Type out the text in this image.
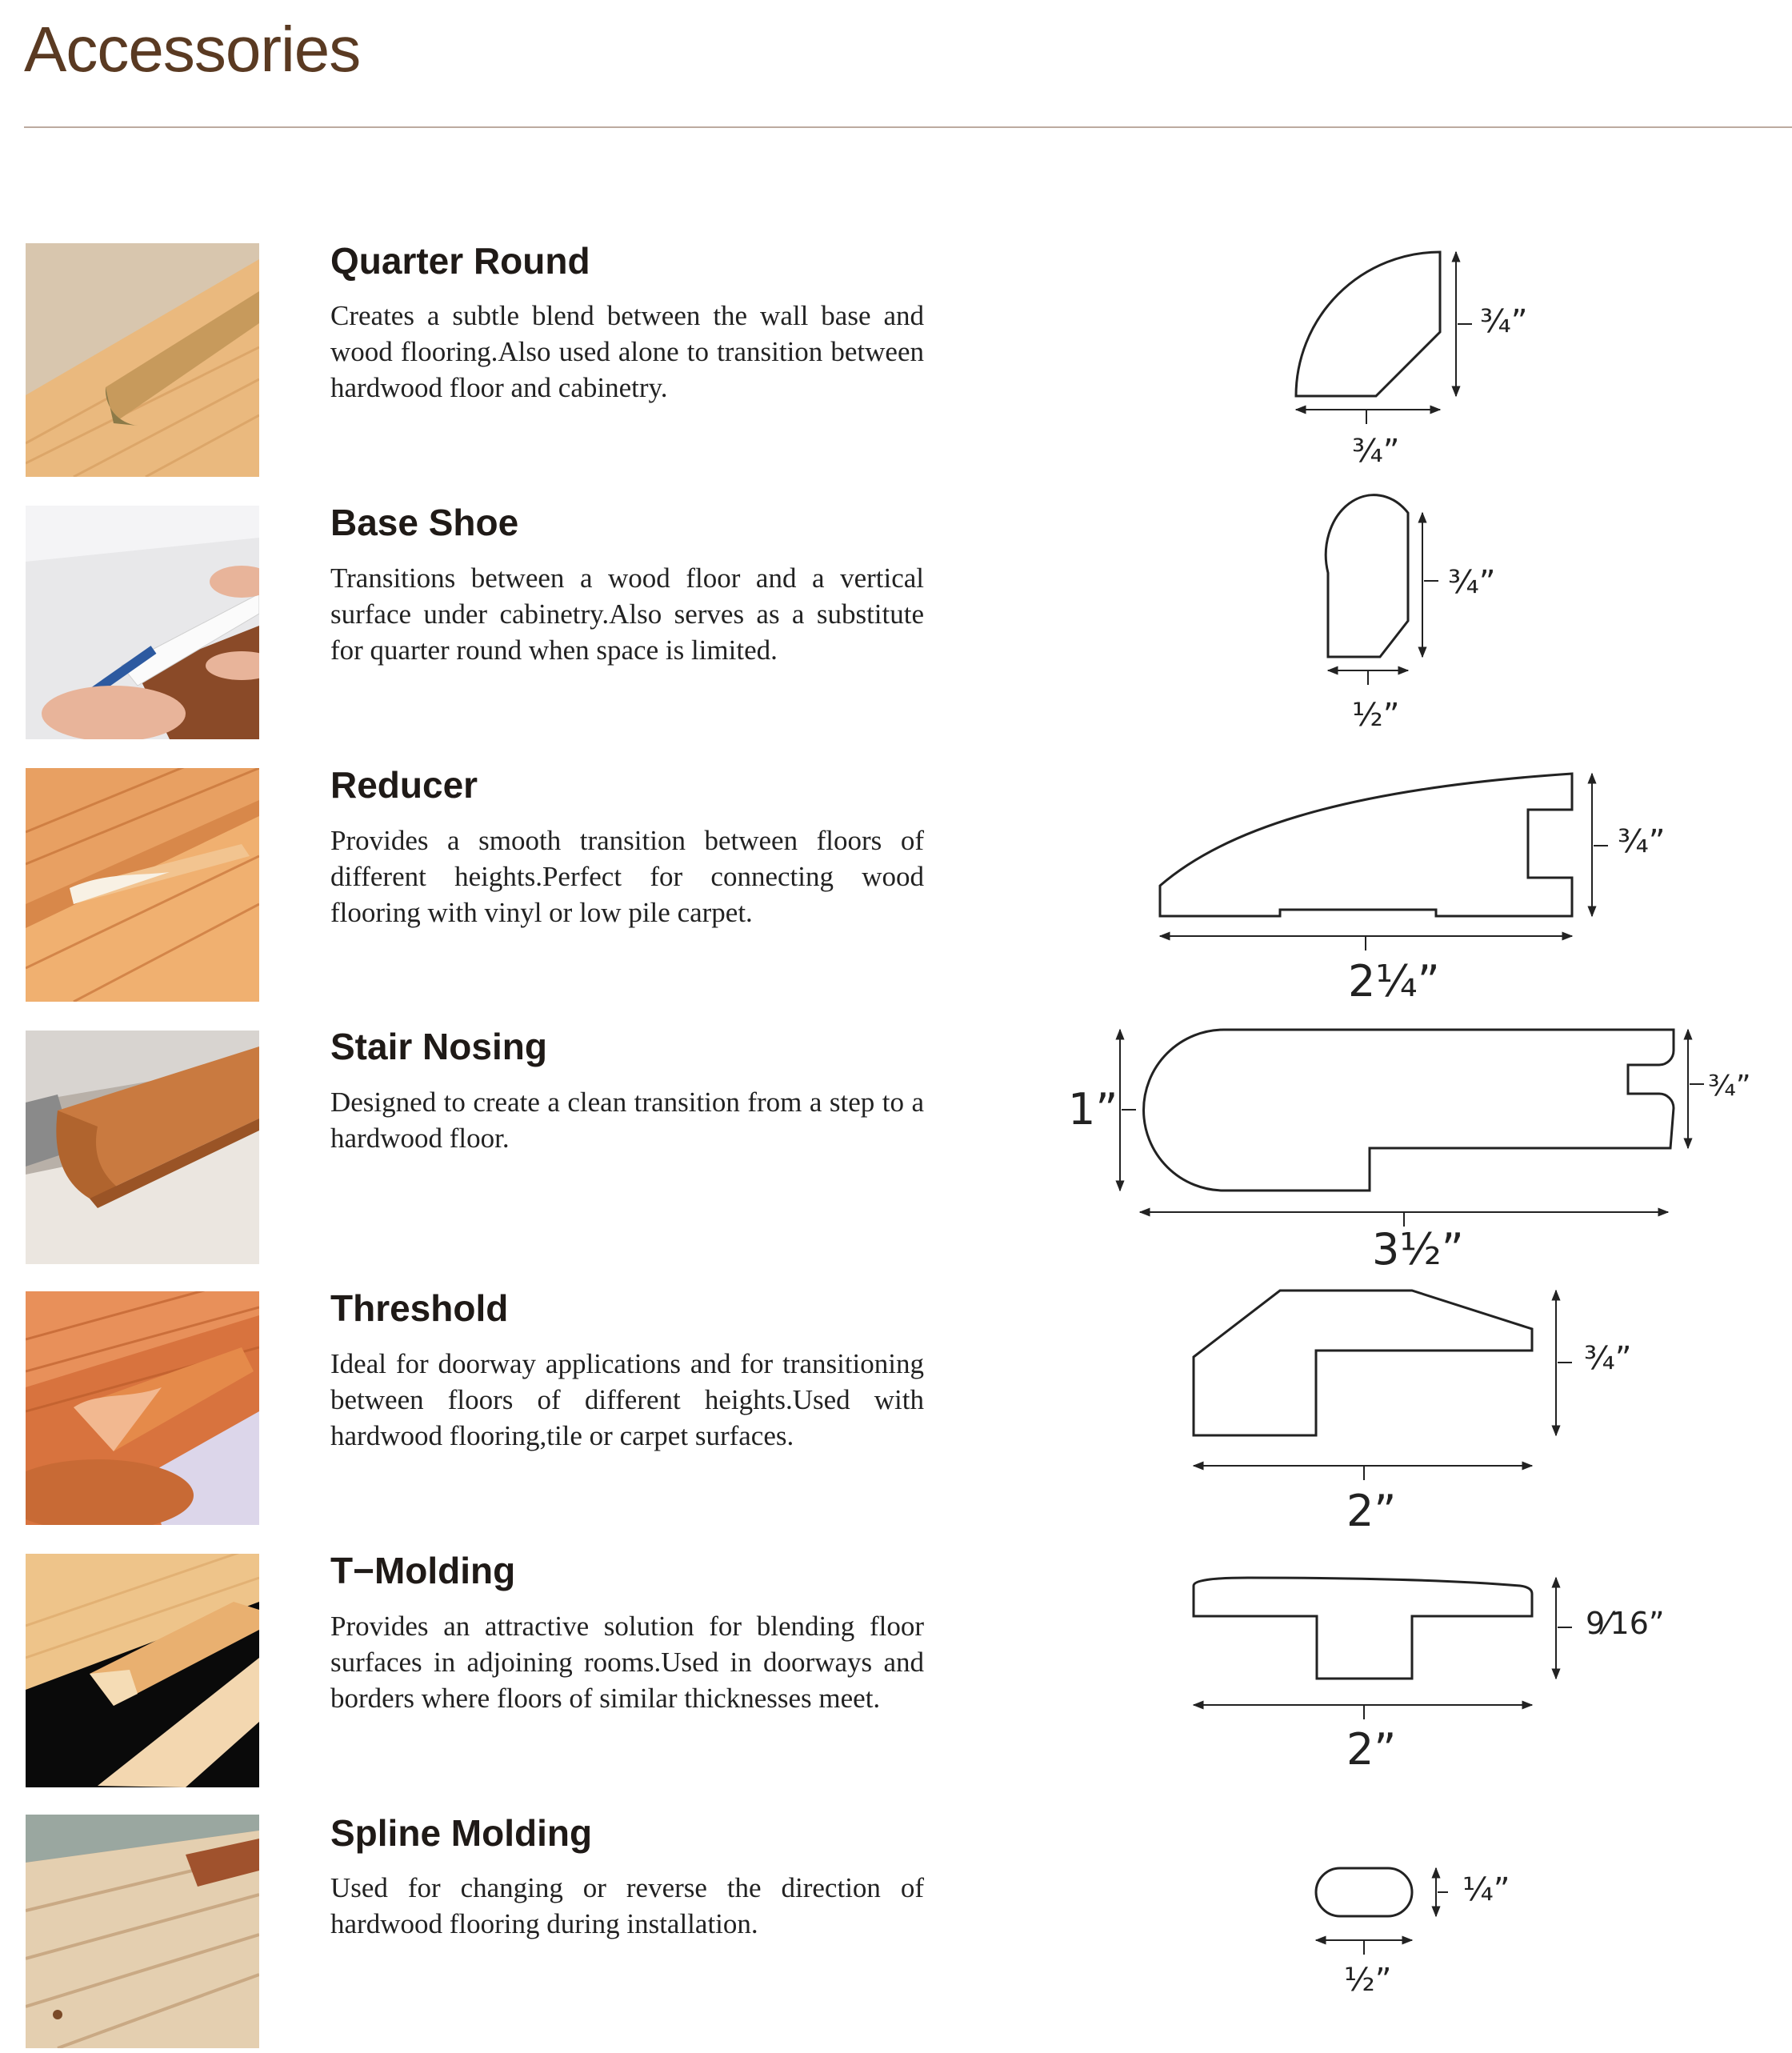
Accessories
Quarter Round

Creates a subtle blend between the wall base and wood flooring.Also used alone to transition between hardwood floor and cabinetry.

¾”
¾”
Base Shoe

Transitions between a wood floor and a vertical surface under cabinetry.Also serves as a substitute for quarter round when space is limited.

¾”
½”
Reducer

Provides a smooth transition between floors of different heights.Perfect for connecting wood flooring with vinyl or low pile carpet.

¾”
2¼”
Stair Nosing

Designed to create a clean transition from a step to a hardwood floor.

1”	¾”
3½”
Threshold

Ideal for doorway applications and for transitioning between floors of different heights.Used with hardwood flooring,tile or carpet surfaces.

¾”
2”
T−Molding

Provides an attractive solution for blending floor surfaces in adjoining rooms.Used in doorways and borders where floors of similar thicknesses meet.

9⁄16”
2”
Spline Molding

Used for changing or reverse the direction of hardwood flooring during installation.

¼”
½”
